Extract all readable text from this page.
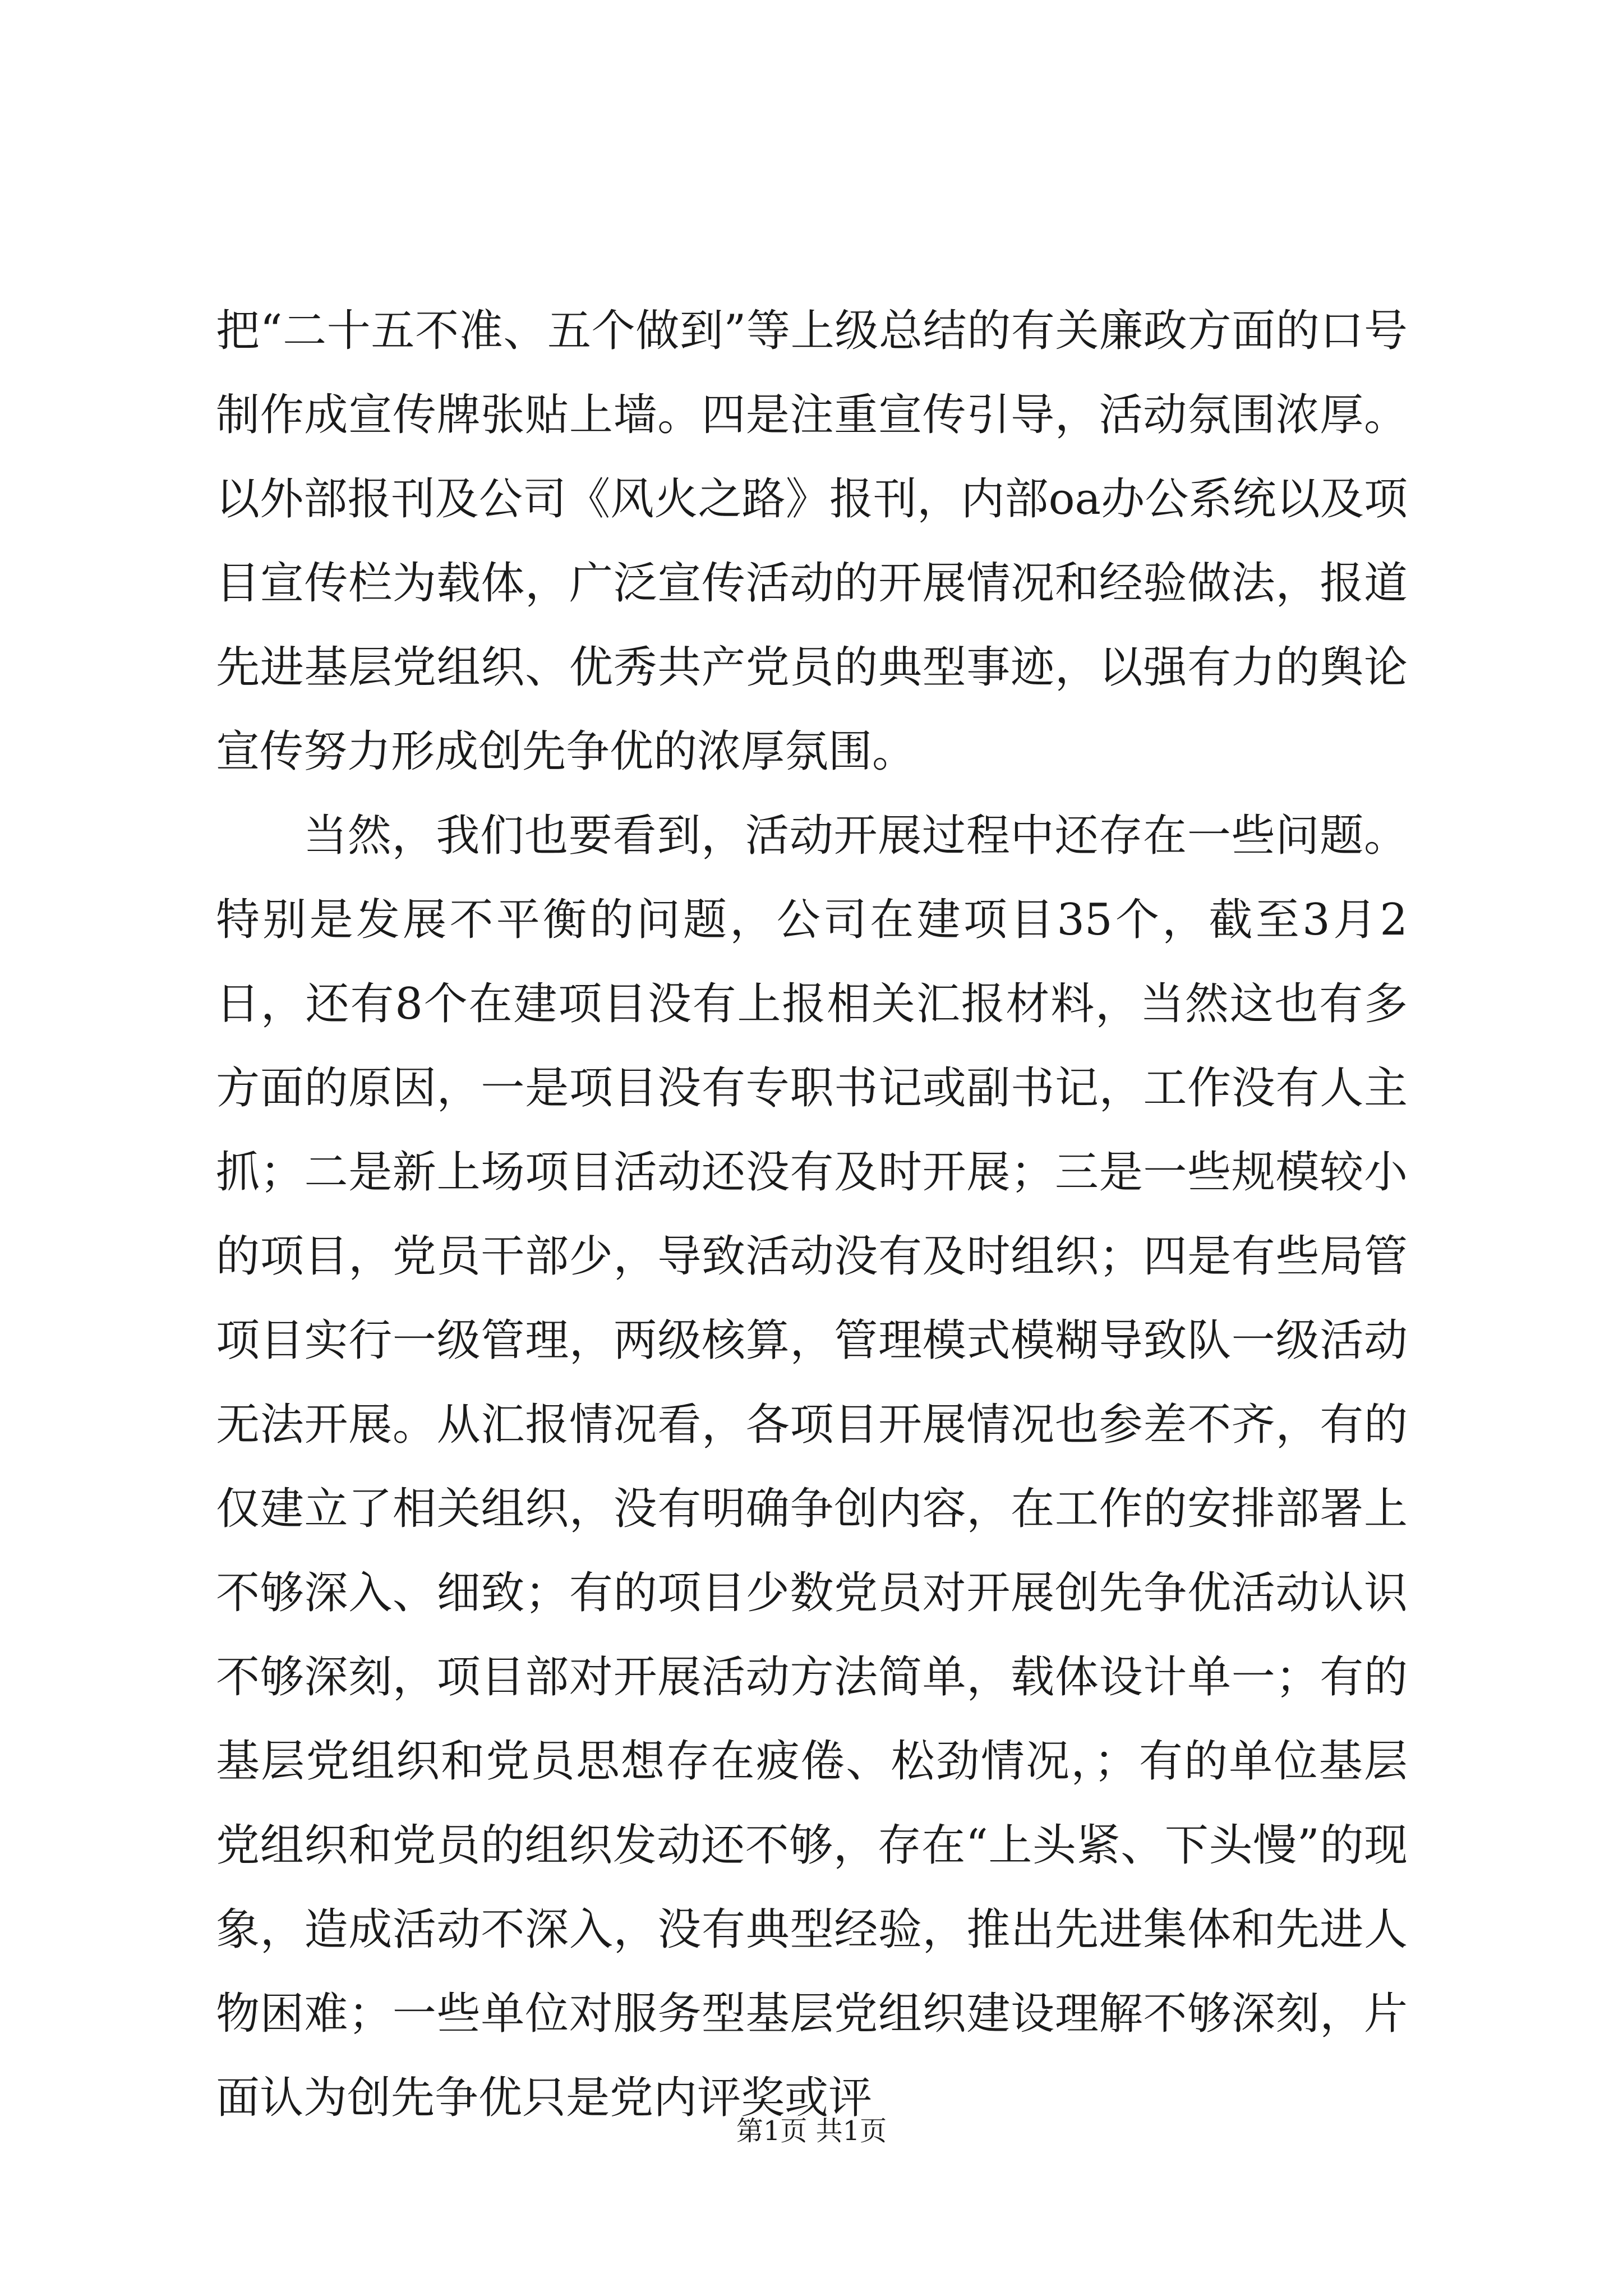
把“二十五不准、五个做到”等上级总结的有关廉政方面的口号制作成宣传牌张贴上墙。四是注重宣传引导，活动氛围浓厚。以外部报刊及公司《风火之路》报刊，内部oa办公系统以及项目宣传栏为载体，广泛宣传活动的开展情况和经验做法，报道先进基层党组织、优秀共产党员的典型事迹，以强有力的舆论宣传努力形成创先争优的浓厚氛围。

当然，我们也要看到，活动开展过程中还存在一些问题。特别是发展不平衡的问题，公司在建项目35个，截至3月2日，还有8个在建项目没有上报相关汇报材料，当然这也有多方面的原因，一是项目没有专职书记或副书记，工作没有人主抓；二是新上场项目活动还没有及时开展；三是一些规模较小的项目，党员干部少，导致活动没有及时组织；四是有些局管项目实行一级管理，两级核算，管理模式模糊导致队一级活动无法开展。从汇报情况看，各项目开展情况也参差不齐，有的仅建立了相关组织，没有明确争创内容，在工作的安排部署上不够深入、细致；有的项目少数党员对开展创先争优活动认识不够深刻，项目部对开展活动方法简单，载体设计单一；有的基层党组织和党员思想存在疲倦、松劲情况，；有的单位基层党组织和党员的组织发动还不够，存在“上头紧、下头慢”的现象，造成活动不深入，没有典型经验，推出先进集体和先进人物困难；一些单位对服务型基层党组织建设理解不够深刻，片面认为创先争优只是党内评奖或评

第1页 共1页
